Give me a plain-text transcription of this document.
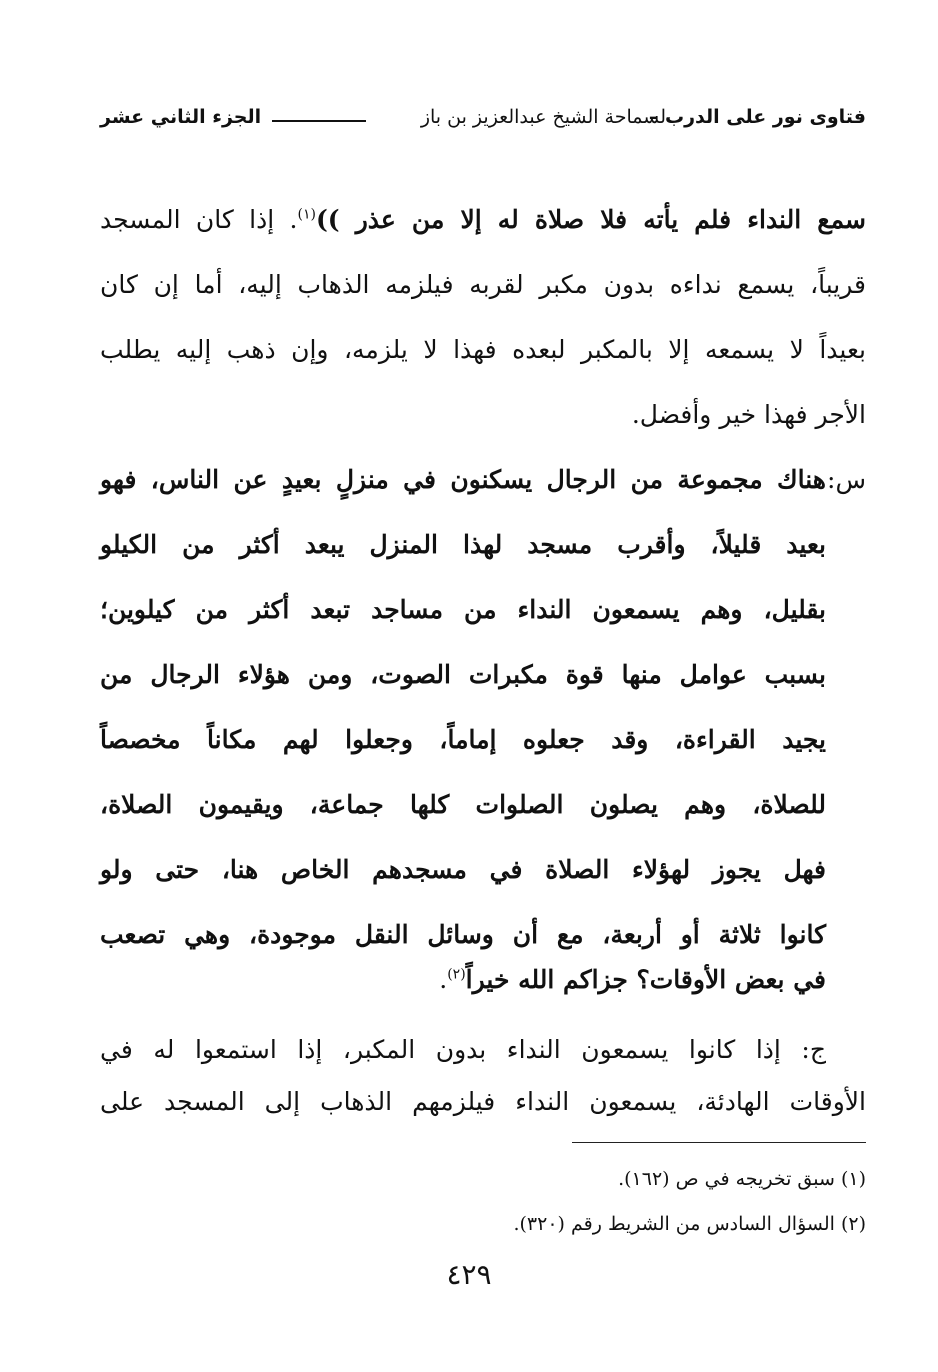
فتاوى نور على الدرب –
لسماحة الشيخ عبدالعزيز بن باز
الجزء الثاني عشر
سمع النداء فلم يأته فلا صلاة له إلا من عذر ))$^{(١)}$. إذا كان المسجد
قريباً، يسمع نداءه بدون مكبر لقربه فيلزمه الذهاب إليه، أما إن كان
بعيداً لا يسمعه إلا بالمكبر لبعده فهذا لا يلزمه، وإن ذهب إليه يطلب
الأجر فهذا خير وأفضل.
س:
هناك مجموعة من الرجال يسكنون في منزلٍ بعيدٍ عن الناس، فهو
بعيد قليلاً، وأقرب مسجد لهذا المنزل يبعد أكثر من الكيلو
بقليل، وهم يسمعون النداء من مساجد تبعد أكثر من كيلوين؛
بسبب عوامل منها قوة مكبرات الصوت، ومن هؤلاء الرجال من
يجيد القراءة، وقد جعلوه إماماً، وجعلوا لهم مكاناً مخصصاً
للصلاة، وهم يصلون الصلوات كلها جماعة، ويقيمون الصلاة،
فهل يجوز لهؤلاء الصلاة في مسجدهم الخاص هنا، حتى ولو
كانوا ثلاثة أو أربعة، مع أن وسائل النقل موجودة، وهي تصعب
في بعض الأوقات؟ جزاكم الله خيراً$^{(٢)}$.
ج: إذا كانوا يسمعون النداء بدون المكبر، إذا استمعوا له في
الأوقات الهادئة، يسمعون النداء فيلزمهم الذهاب إلى المسجد على
(١) سبق تخريجه في ص (١٦٢).
(٢) السؤال السادس من الشريط رقم (٣٢٠).
٤٢٩
